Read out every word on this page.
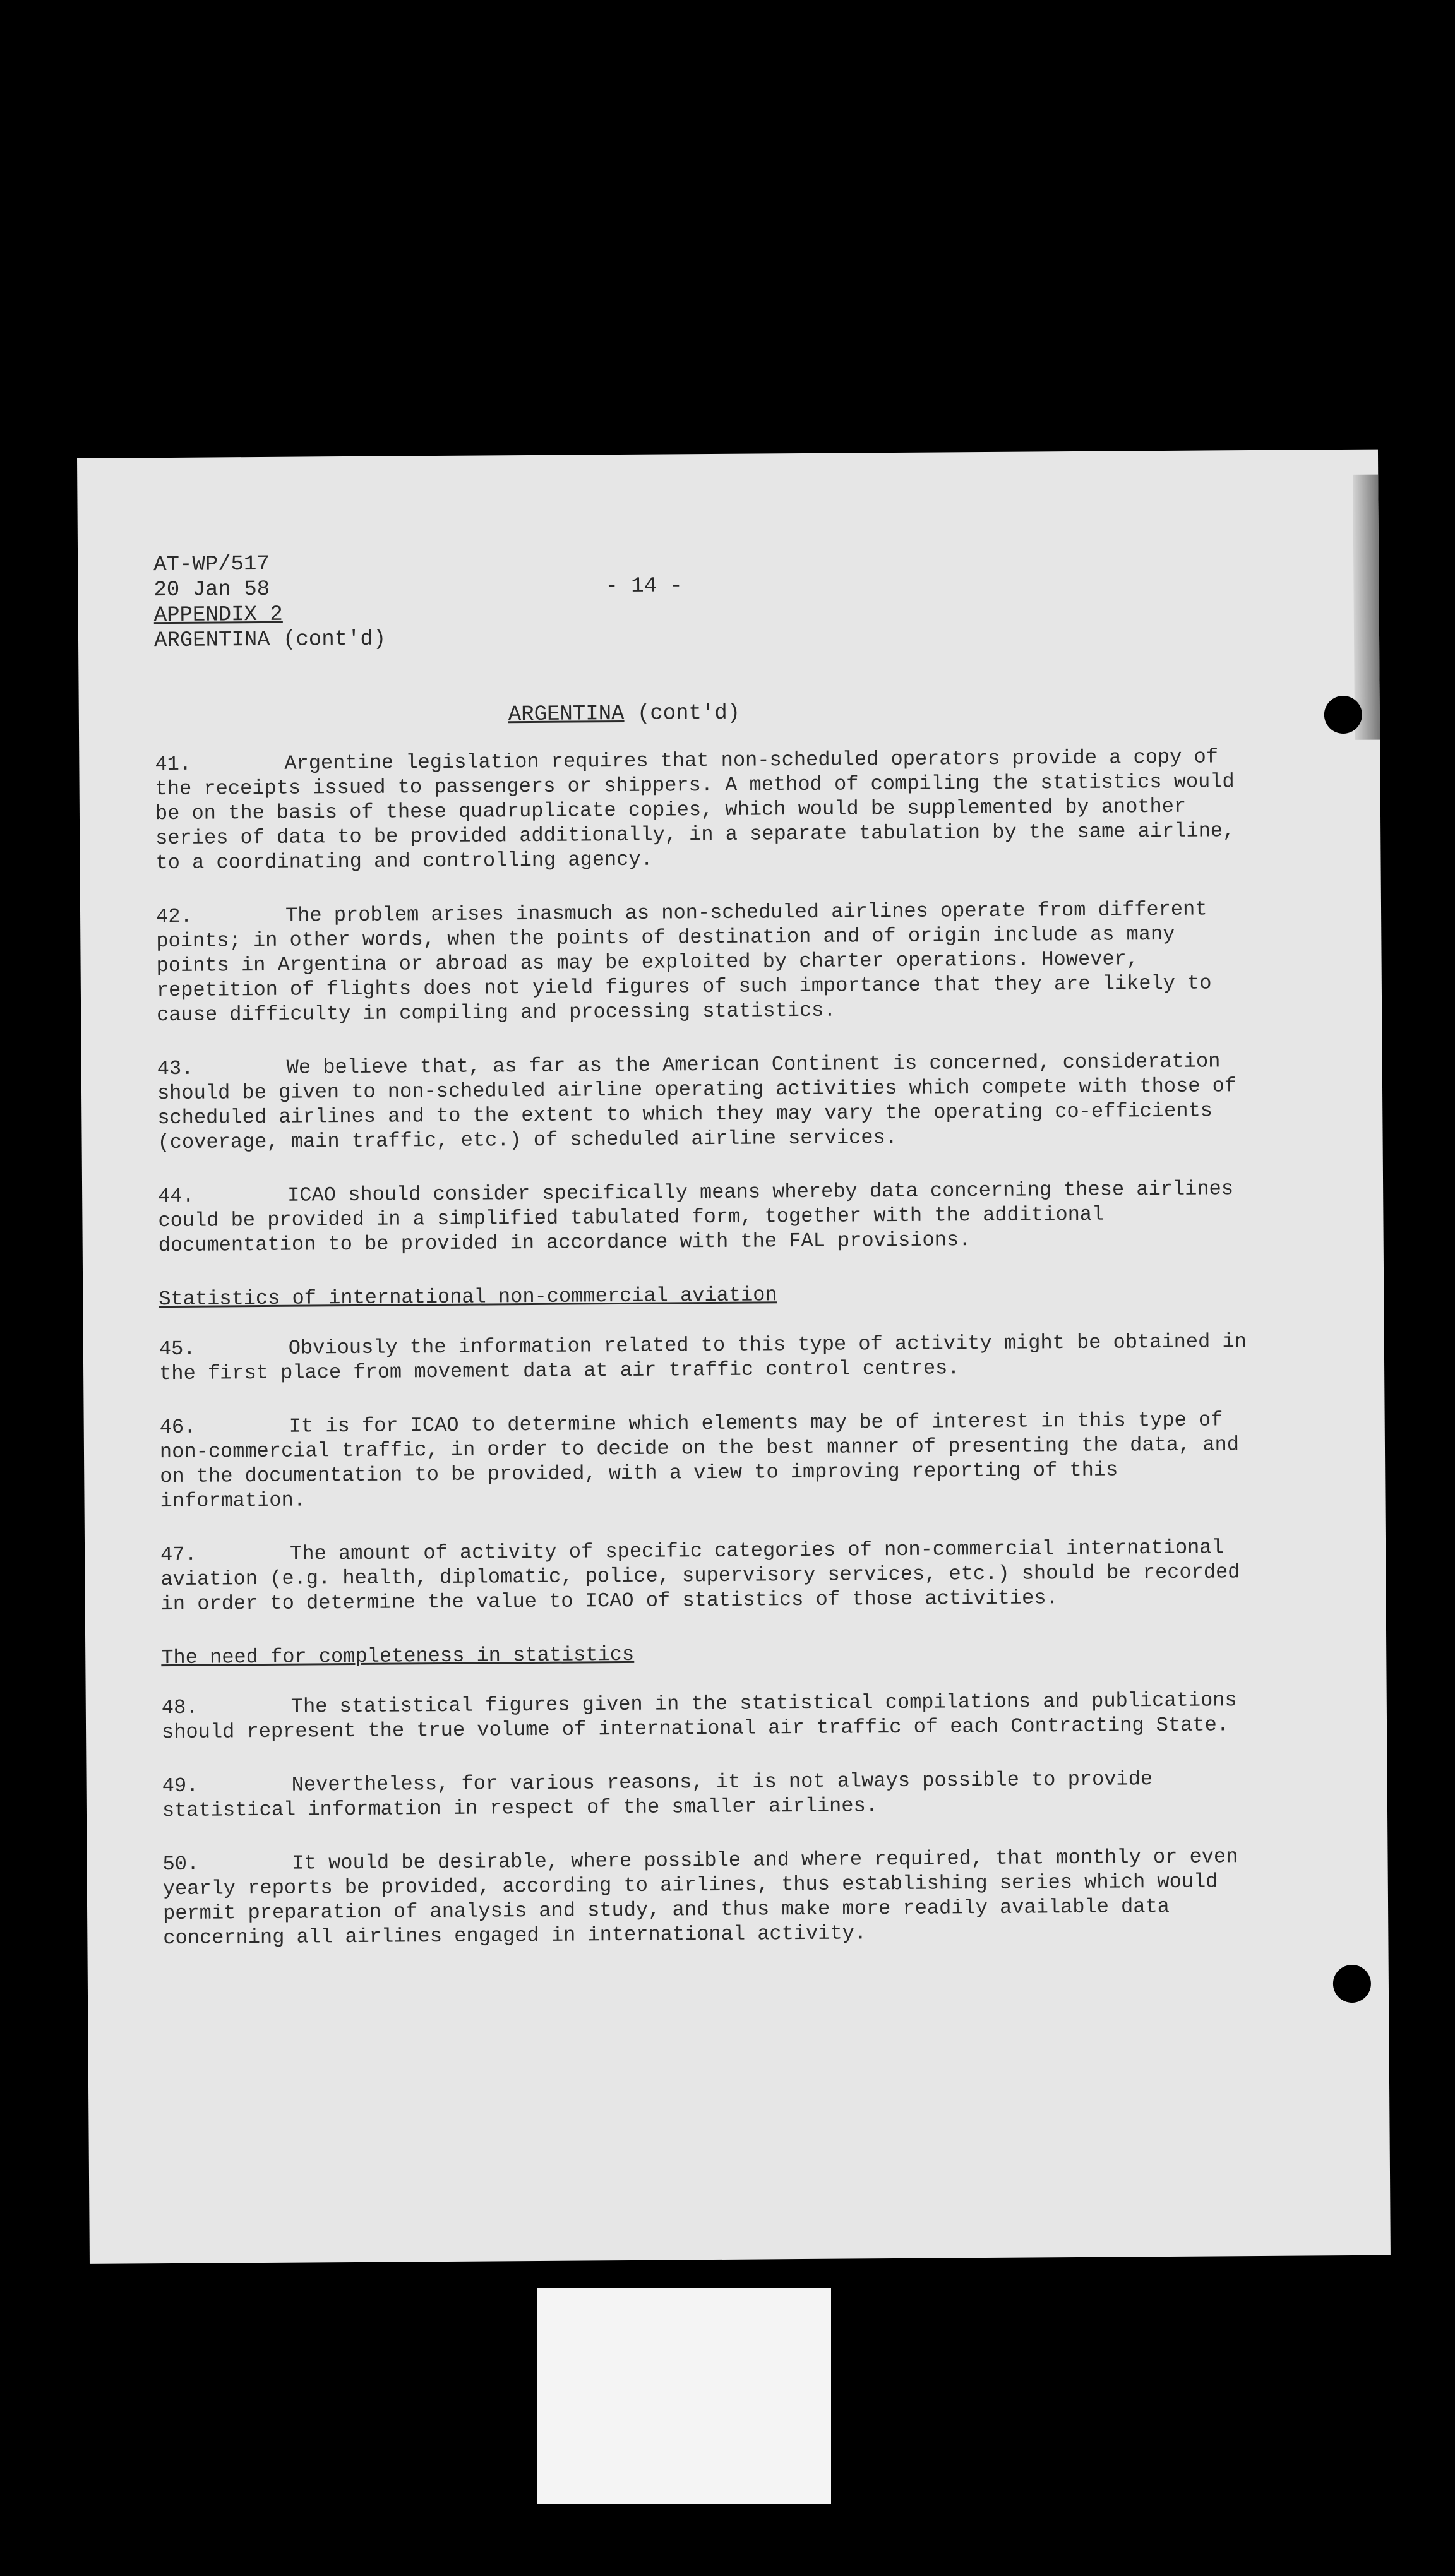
AT-WP/517
20 Jan 58
APPENDIX 2
ARGENTINA (cont'd)
- 14 -
ARGENTINA (cont'd)
41.	Argentine legislation requires that non-scheduled operators provide a copy of the receipts issued to passengers or shippers. A method of compiling the statistics would be on the basis of these quadruplicate copies, which would be supplemented by another series of data to be provided additionally, in a separate tabulation by the same airline, to a coordinating and controlling agency.
42.	The problem arises inasmuch as non-scheduled airlines operate from different points; in other words, when the points of destination and of origin include as many points in Argentina or abroad as may be exploited by charter operations. However, repetition of flights does not yield figures of such importance that they are likely to cause difficulty in compiling and processing statistics.
43.	We believe that, as far as the American Continent is concerned, consideration should be given to non-scheduled airline operating activities which compete with those of scheduled airlines and to the extent to which they may vary the operating co-efficients (coverage, main traffic, etc.) of scheduled airline services.
44.	ICAO should consider specifically means whereby data concerning these airlines could be provided in a simplified tabulated form, together with the additional documentation to be provided in accordance with the FAL provisions.
Statistics of international non-commercial aviation
45.	Obviously the information related to this type of activity might be obtained in the first place from movement data at air traffic control centres.
46.	It is for ICAO to determine which elements may be of interest in this type of non-commercial traffic, in order to decide on the best manner of presenting the data, and on the documentation to be provided, with a view to improving reporting of this information.
47.	The amount of activity of specific categories of non-commercial international aviation (e.g. health, diplomatic, police, supervisory services, etc.) should be recorded in order to determine the value to ICAO of statistics of those activities.
The need for completeness in statistics
48.	The statistical figures given in the statistical compilations and publications should represent the true volume of international air traffic of each Contracting State.
49.	Nevertheless, for various reasons, it is not always possible to provide statistical information in respect of the smaller airlines.
50.	It would be desirable, where possible and where required, that monthly or even yearly reports be provided, according to airlines, thus establishing series which would permit preparation of analysis and study, and thus make more readily available data concerning all airlines engaged in international activity.
